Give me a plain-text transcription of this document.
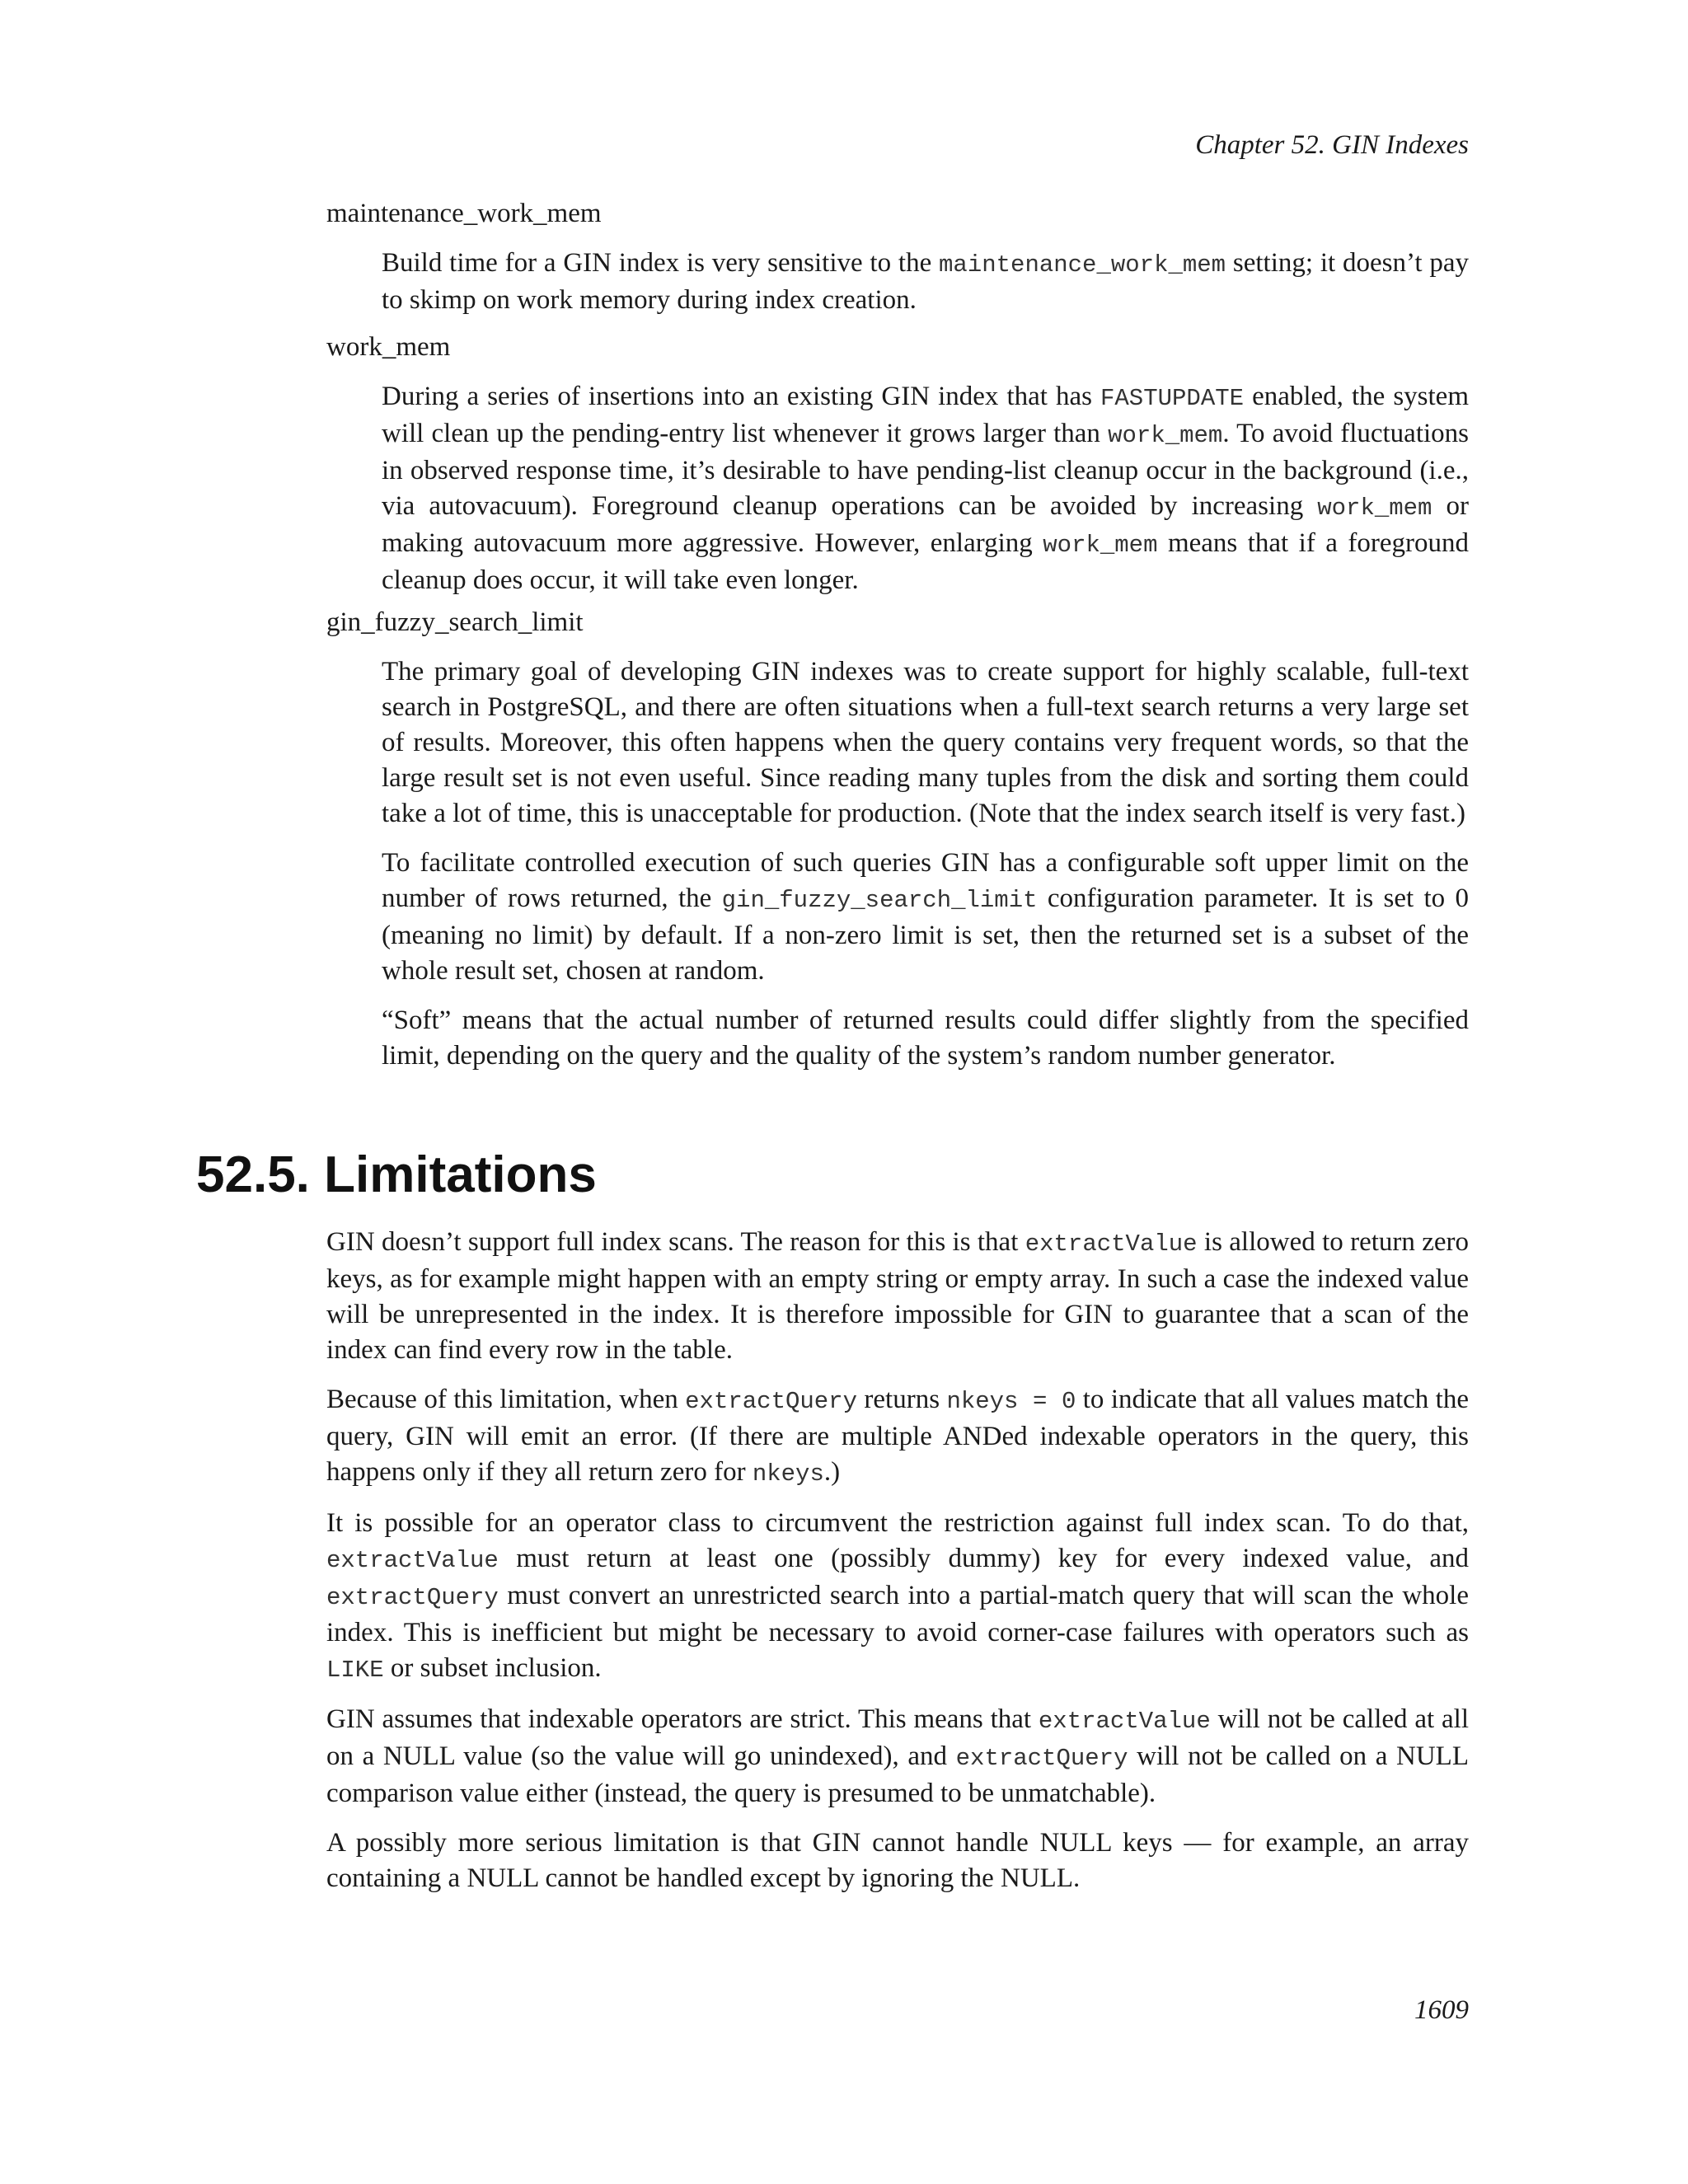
Chapter 52. GIN Indexes
maintenance_work_mem

Build time for a GIN index is very sensitive to the maintenance_work_mem setting; it doesn’t pay to skimp on work memory during index creation.

work_mem

During a series of insertions into an existing GIN index that has FASTUPDATE enabled, the system will clean up the pending-entry list whenever it grows larger than work_mem. To avoid fluctuations in observed response time, it’s desirable to have pending-list cleanup occur in the background (i.e., via autovacuum). Foreground cleanup operations can be avoided by increasing work_mem or making autovacuum more aggressive. However, enlarging work_mem means that if a foreground cleanup does occur, it will take even longer.

gin_fuzzy_search_limit

The primary goal of developing GIN indexes was to create support for highly scalable, full-text search in PostgreSQL, and there are often situations when a full-text search returns a very large set of results. Moreover, this often happens when the query contains very frequent words, so that the large result set is not even useful. Since reading many tuples from the disk and sorting them could take a lot of time, this is unacceptable for production. (Note that the index search itself is very fast.)

To facilitate controlled execution of such queries GIN has a configurable soft upper limit on the number of rows returned, the gin_fuzzy_search_limit configuration parameter. It is set to 0 (meaning no limit) by default. If a non-zero limit is set, then the returned set is a subset of the whole result set, chosen at random.

“Soft” means that the actual number of returned results could differ slightly from the specified limit, depending on the query and the quality of the system’s random number generator.

52.5. Limitations

GIN doesn’t support full index scans. The reason for this is that extractValue is allowed to return zero keys, as for example might happen with an empty string or empty array. In such a case the indexed value will be unrepresented in the index. It is therefore impossible for GIN to guarantee that a scan of the index can find every row in the table.

Because of this limitation, when extractQuery returns nkeys = 0 to indicate that all values match the query, GIN will emit an error. (If there are multiple ANDed indexable operators in the query, this happens only if they all return zero for nkeys.)

It is possible for an operator class to circumvent the restriction against full index scan. To do that, extractValue must return at least one (possibly dummy) key for every indexed value, and extractQuery must convert an unrestricted search into a partial-match query that will scan the whole index. This is inefficient but might be necessary to avoid corner-case failures with operators such as LIKE or subset inclusion.

GIN assumes that indexable operators are strict. This means that extractValue will not be called at all on a NULL value (so the value will go unindexed), and extractQuery will not be called on a NULL comparison value either (instead, the query is presumed to be unmatchable).

A possibly more serious limitation is that GIN cannot handle NULL keys — for example, an array containing a NULL cannot be handled except by ignoring the NULL.

1609
